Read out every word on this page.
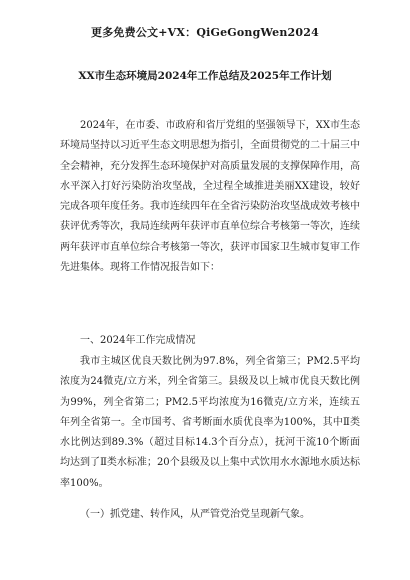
更多免费公文+VX：QiGeGongWen2024
XX市生态环境局2024年工作总结及2025年工作计划

2024年，在市委、市政府和省厅党组的坚强领导下，XX市生态环境局坚持以习近平生态文明思想为指引，全面贯彻党的二十届三中全会精神，充分发挥生态环境保护对高质量发展的支撑保障作用，高水平深入打好污染防治攻坚战，全过程全域推进美丽XX建设，较好完成各项年度任务。我市连续四年在全省污染防治攻坚战成效考核中获评优秀等次，我局连续两年获评市直单位综合考核第一等次，连续两年获评市直单位综合考核第一等次，获评市国家卫生城市复审工作先进集体。现将工作情况报告如下：

一、2024年工作完成情况

我市主城区优良天数比例为97.8%，列全省第三；PM2.5平均浓度为24微克/立方米，列全省第三。县级及以上城市优良天数比例为99%，列全省第二；PM2.5平均浓度为16微克/立方米，连续五年列全省第一。全市国考、省考断面水质优良率为100%，其中Ⅱ类水比例达到89.3%（超过目标14.3个百分点），抚河干流10个断面均达到了Ⅱ类水标准；20个县级及以上集中式饮用水水源地水质达标率100%。

（一）抓党建、转作风，从严管党治党呈现新气象。
